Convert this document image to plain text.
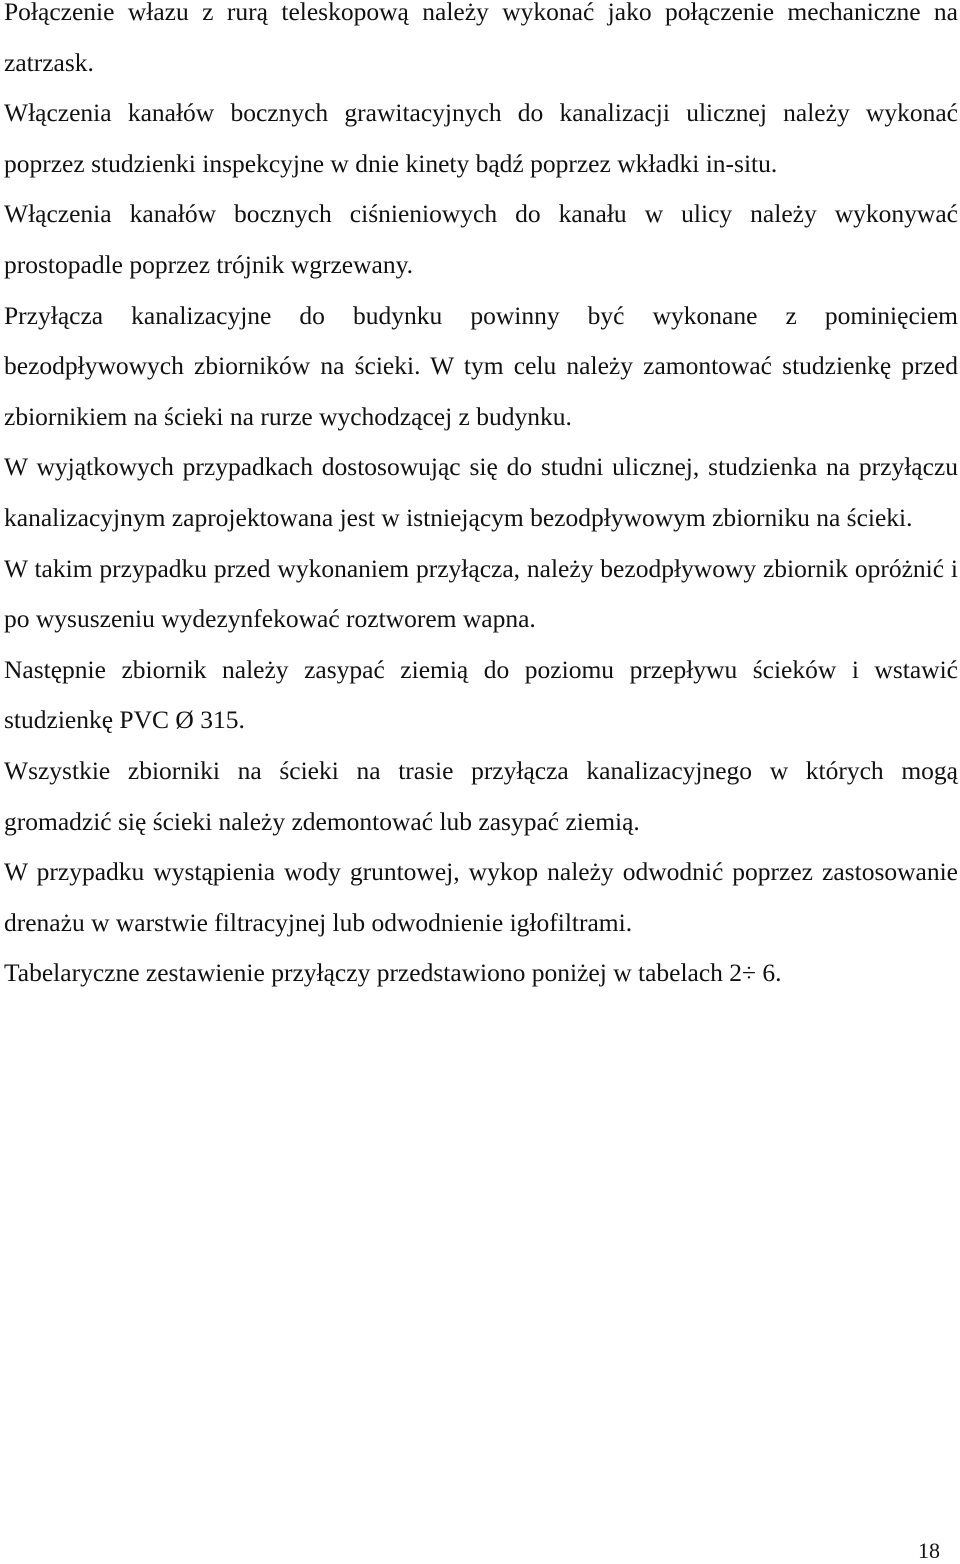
Połączenie włazu z rurą teleskopową należy wykonać jako połączenie mechaniczne na zatrzask.

Włączenia kanałów bocznych grawitacyjnych do kanalizacji ulicznej należy wykonać poprzez studzienki inspekcyjne w dnie kinety bądź poprzez wkładki in-situ.

Włączenia kanałów bocznych ciśnieniowych do kanału w ulicy należy wykonywać prostopadle poprzez trójnik wgrzewany.

Przyłącza kanalizacyjne do budynku powinny być wykonane z pominięciem bezodpływowych zbiorników na ścieki. W tym celu należy zamontować studzienkę przed zbiornikiem na ścieki na rurze wychodzącej z budynku.

W wyjątkowych przypadkach dostosowując się do studni ulicznej, studzienka na przyłączu kanalizacyjnym zaprojektowana jest w istniejącym bezodpływowym zbiorniku na ścieki.

W takim przypadku przed wykonaniem przyłącza, należy bezodpływowy zbiornik opróżnić i po wysuszeniu wydezynfekować roztworem wapna.

Następnie zbiornik należy zasypać ziemią do poziomu przepływu ścieków i wstawić studzienkę PVC Ø 315.

Wszystkie zbiorniki na ścieki na trasie przyłącza kanalizacyjnego w których mogą gromadzić się ścieki należy zdemontować lub zasypać ziemią.

W przypadku wystąpienia wody gruntowej, wykop należy odwodnić poprzez zastosowanie drenażu w warstwie filtracyjnej lub odwodnienie igłofiltrami.

Tabelaryczne zestawienie przyłączy przedstawiono poniżej w tabelach 2÷ 6.

18
